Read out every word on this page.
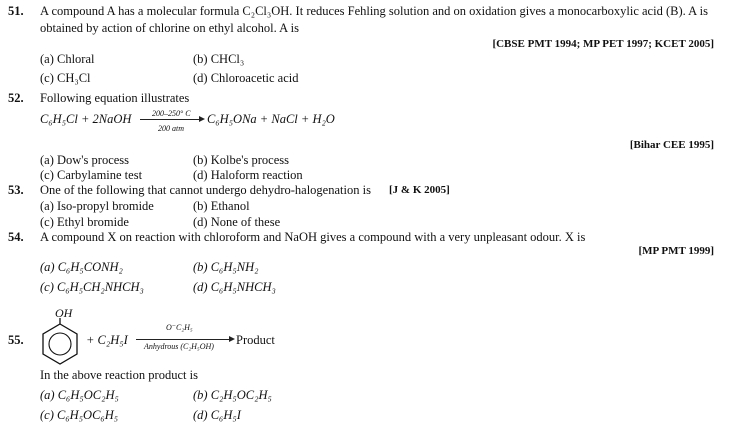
51. A compound A has a molecular formula C₂Cl₃OH. It reduces Fehling solution and on oxidation gives a monocarboxylic acid (B). A is
obtained by action of chlorine on ethyl alcohol. A is
[CBSE PMT 1994; MP PET 1997; KCET 2005]
(a) Chloral	(b) CHCl₃
(c) CH₃Cl	(d) Chloroacetic acid
52. Following equation illustrates
C₆H₅Cl + 2NaOH	200–250° C
200 atm
C₆H₅ONa + NaCl + H₂O
[Bihar CEE 1995]
(a) Dow's process	(b) Kolbe's process
(c) Carbylamine test	(d) Haloform reaction
53. One of the following that cannot undergo dehydro-halogenation is [J & K 2005]
(a) Iso-propyl bromide	(b) Ethanol
(c) Ethyl bromide	(d) None of these
54. A compound X on reaction with chloroform and NaOH gives a compound with a very unpleasant odour. X is
[MP PMT 1999]
(a) C₆H₅CONH₂	(b) C₆H₅NH₂
(c) C₆H₅CH₂NHCH₃	(d) C₆H₅NHCH₃
55.
OH
+ C₂H₅I
O⁻C₂H₅
Anhydrous (C₂H₅OH) Product
In the above reaction product is
(a) C₆H₅OC₂H₅	(b) C₂H₅OC₂H₅
(c) C₆H₅OC₆H₅	(d) C₆H₅I
